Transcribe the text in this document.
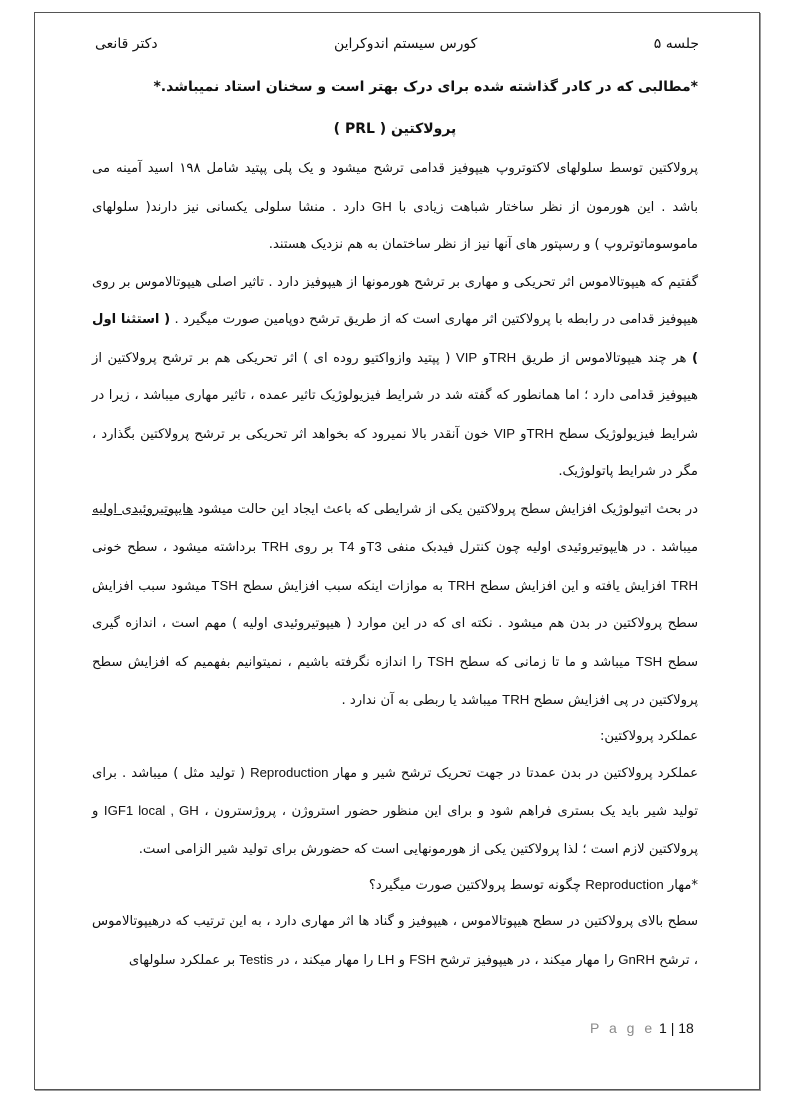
جلسه ۵
کورس سیستم اندوکراین
دکتر قانعی

*مطالبی که در کادر گذاشته شده برای درک بهتر است و سخنان استاد نمیباشد.*

پرولاکتین ( PRL )

پرولاکتین توسط سلولهای لاکتوتروپ هیپوفیز قدامی ترشح میشود و یک پلی پپتید شامل ۱۹۸ اسید آمینه می باشد . این هورمون از نظر ساختار شباهت زیادی با GH دارد . منشا سلولی یکسانی نیز دارند( سلولهای ماموسوماتوتروپ ) و رسپتور های آنها نیز از نظر ساختمان به هم نزدیک هستند.

گفتیم که هیپوتالاموس اثر تحریکی و مهاری بر ترشح هورمونها از هیپوفیز دارد . تاثیر اصلی هیپوتالاموس بر روی هیپوفیز قدامی در رابطه با پرولاکتین اثر مهاری است که از طریق ترشح دوپامین صورت میگیرد . ( استثنا اول ) هر چند هیپوتالاموس از طریق TRHو VIP ( پپتید وازواکتیو روده ای ) اثر تحریکی هم بر ترشح پرولاکتین از هیپوفیز قدامی دارد ؛ اما همانطور که گفته شد در شرایط فیزیولوژیک تاثیر عمده ، تاثیر مهاری میباشد ، زیرا در شرایط فیزیولوژیک سطح TRHو VIP خون آنقدر بالا نمیرود که بخواهد اثر تحریکی بر ترشح پرولاکتین بگذارد ، مگر در شرایط پاتولوژیک.

در بحث اتیولوژیک افزایش سطح پرولاکتین یکی از شرایطی که باعث ایجاد این حالت میشود هایپوتیروئیدی اولیه میباشد . در هایپوتیروئیدی اولیه چون کنترل فیدبک منفی T3و T4 بر روی TRH برداشته میشود ، سطح خونی TRH افزایش یافته و این افزایش سطح TRH به موازات اینکه سبب افزایش سطح TSH میشود سبب افزایش سطح پرولاکتین در بدن هم میشود . نکته ای که در این موارد ( هیپوتیروئیدی اولیه ) مهم است ، اندازه گیری سطح TSH میباشد و ما تا زمانی که سطح TSH را اندازه نگرفته باشیم ، نمیتوانیم بفهمیم که افزایش سطح پرولاکتین در پی افزایش سطح TRH میباشد یا ربطی به آن ندارد .

عملکرد پرولاکتین:

عملکرد پرولاکتین در بدن عمدتا در جهت تحریک ترشح شیر و مهار Reproduction ( تولید مثل ) میباشد . برای تولید شیر باید یک بستری فراهم شود و برای این منظور حضور استروژن ، پروژسترون ، IGF1 local , GH و پرولاکتین لازم است ؛ لذا پرولاکتین یکی از هورمونهایی است که حضورش برای تولید شیر الزامی است.

*مهار Reproduction چگونه توسط پرولاکتین صورت میگیرد؟

سطح بالای پرولاکتین در سطح هیپوتالاموس ، هیپوفیز و گناد ها اثر مهاری دارد ، به این ترتیب که درهیپوتالاموس ، ترشح GnRH را مهار میکند ، در هیپوفیز ترشح FSH و LH را مهار میکند ، در Testis بر عملکرد سلولهای

P a g e 1 | 18
